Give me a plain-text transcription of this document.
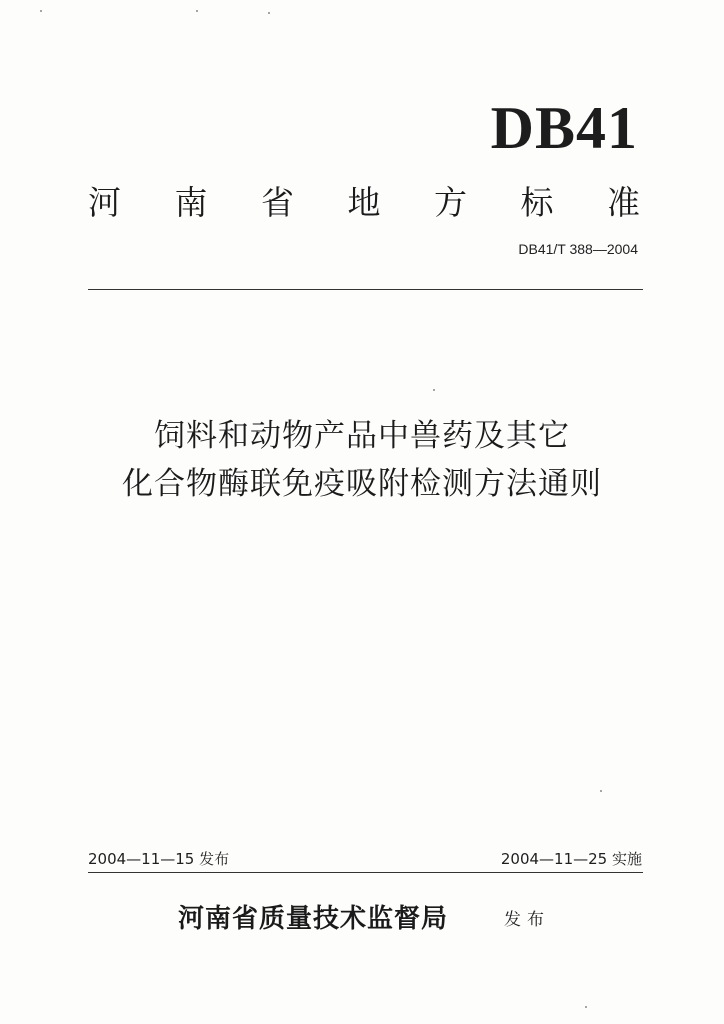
DB41
河 南 省 地 方 标 准
DB41/T 388—2004
饲料和动物产品中兽药及其它
化合物酶联免疫吸附检测方法通则
2004—11—15 发布	2004—11—25 实施
河南省质量技术监督局	发布
